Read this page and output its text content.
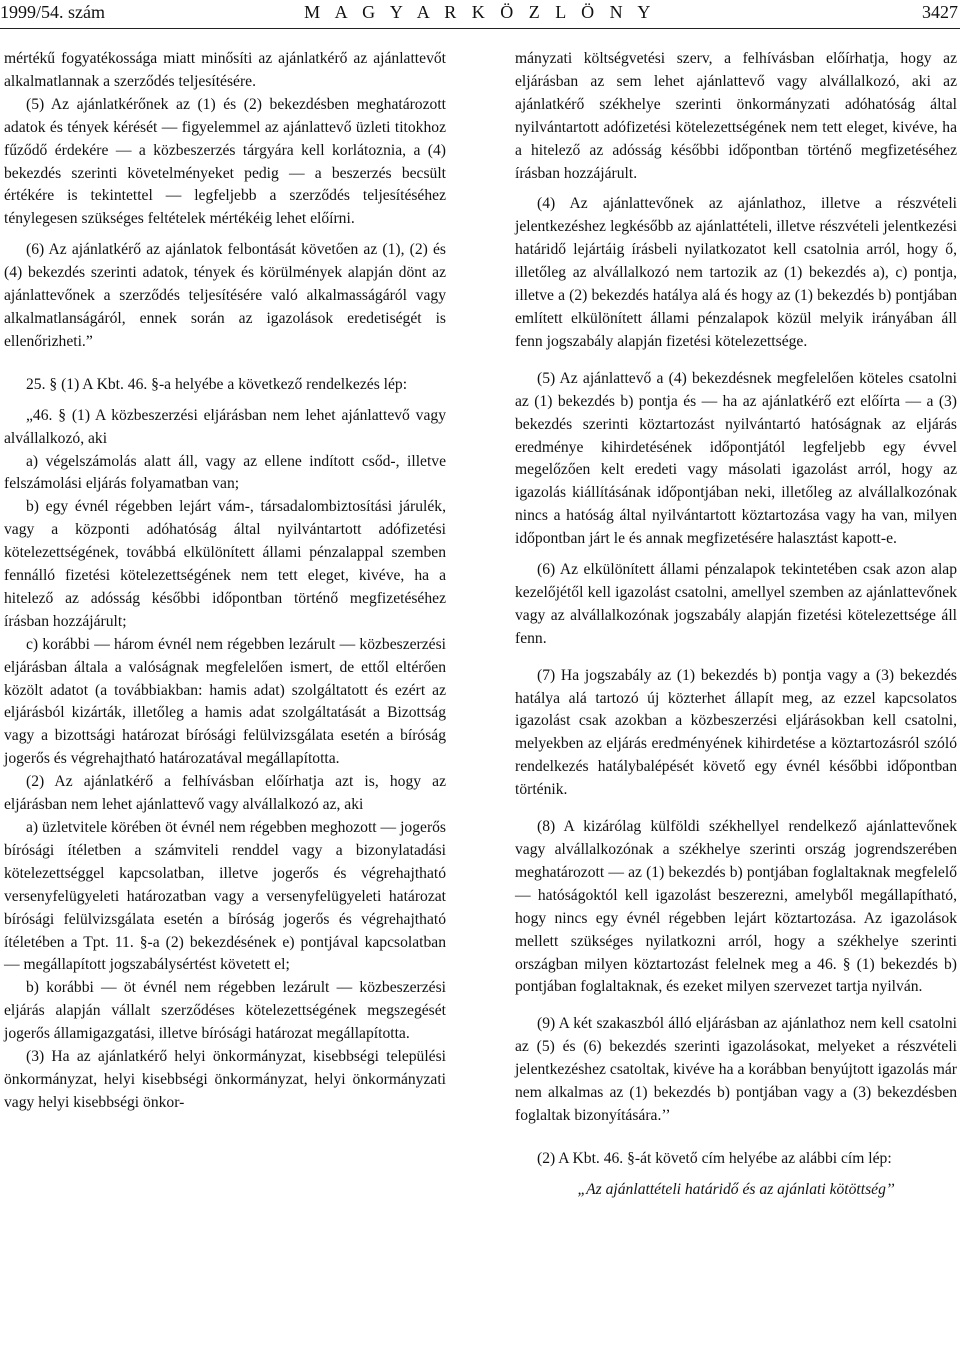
1999/54. szám	M A G Y A R K Ö Z L Ö N Y	3427

mértékű fogyatékossága miatt minősíti az ajánlatkérő az ajánlattevőt alkalmatlannak a szerződés teljesítésére.

(5) Az ajánlatkérőnek az (1) és (2) bekezdésben meghatározott adatok és tények kérését — figyelemmel az ajánlattevő üzleti titokhoz fűződő érdekére — a közbeszerzés tárgyára kell korlátoznia, a (4) bekezdés szerinti követelményeket pedig — a beszerzés becsült értékére is tekintettel — legfeljebb a szerződés teljesítéséhez ténylegesen szükséges feltételek mértékéig lehet előírni.

(6) Az ajánlatkérő az ajánlatok felbontását követően az (1), (2) és (4) bekezdés szerinti adatok, tények és körülmények alapján dönt az ajánlattevőnek a szerződés teljesítésére való alkalmasságáról vagy alkalmatlanságáról, ennek során az igazolások eredetiségét is ellenőrizheti.”

25. § (1) A Kbt. 46. §-a helyébe a következő rendelkezés lép:

„46. § (1) A közbeszerzési eljárásban nem lehet ajánlattevő vagy alvállalkozó, aki

a) végelszámolás alatt áll, vagy az ellene indított csőd-, illetve felszámolási eljárás folyamatban van;

b) egy évnél régebben lejárt vám-, társadalombiztosítási járulék, vagy a központi adóhatóság által nyilvántartott adófizetési kötelezettségének, továbbá elkülönített állami pénzalappal szemben fennálló fizetési kötelezettségének nem tett eleget, kivéve, ha a hitelező az adósság későbbi időpontban történő megfizetéséhez írásban hozzájárult;

c) korábbi — három évnél nem régebben lezárult — közbeszerzési eljárásban általa a valóságnak megfelelően ismert, de ettől eltérően közölt adatot (a továbbiakban: hamis adat) szolgáltatott és ezért az eljárásból kizárták, illetőleg a hamis adat szolgáltatását a Bizottság vagy a bizottsági határozat bírósági felülvizsgálata esetén a bíróság jogerős és végrehajtható határozatával megállapította.

(2) Az ajánlatkérő a felhívásban előírhatja azt is, hogy az eljárásban nem lehet ajánlattevő vagy alvállalkozó az, aki

a) üzletvitele körében öt évnél nem régebben meghozott — jogerős bírósági ítéletben a számviteli renddel vagy a bizonylatadási kötelezettséggel kapcsolatban, illetve jogerős és végrehajtható versenyfelügyeleti határozatban vagy a versenyfelügyeleti határozat bírósági felülvizsgálata esetén a bíróság jogerős és végrehajtható ítéletében a Tpt. 11. §-a (2) bekezdésének e) pontjával kapcsolatban — megállapított jogszabálysértést követett el;

b) korábbi — öt évnél nem régebben lezárult — közbeszerzési eljárás alapján vállalt szerződéses kötelezettségének megszegését jogerős államigazgatási, illetve bírósági határozat megállapította.

(3) Ha az ajánlatkérő helyi önkormányzat, kisebbségi települési önkormányzat, helyi kisebbségi önkormányzat, helyi önkormányzati vagy helyi kisebbségi önkor-

mányzati költségvetési szerv, a felhívásban előírhatja, hogy az eljárásban az sem lehet ajánlattevő vagy alvállalkozó, aki az ajánlatkérő székhelye szerinti önkormányzati adóhatóság által nyilvántartott adófizetési kötelezettségének nem tett eleget, kivéve, ha a hitelező az adósság későbbi időpontban történő megfizetéséhez írásban hozzájárult.

(4) Az ajánlattevőnek az ajánlathoz, illetve a részvételi jelentkezéshez legkésőbb az ajánlattételi, illetve részvételi jelentkezési határidő lejártáig írásbeli nyilatkozatot kell csatolnia arról, hogy ő, illetőleg az alvállalkozó nem tartozik az (1) bekezdés a), c) pontja, illetve a (2) bekezdés hatálya alá és hogy az (1) bekezdés b) pontjában említett elkülönített állami pénzalapok közül melyik irányában áll fenn jogszabály alapján fizetési kötelezettsége.

(5) Az ajánlattevő a (4) bekezdésnek megfelelően köteles csatolni az (1) bekezdés b) pontja és — ha az ajánlatkérő ezt előírta — a (3) bekezdés szerinti köztartozást nyilvántartó hatóságnak az eljárás eredménye kihirdetésének időpontjától legfeljebb egy évvel megelőzően kelt eredeti vagy másolati igazolást arról, hogy az igazolás kiállításának időpontjában neki, illetőleg az alvállalkozónak nincs a hatóság által nyilvántartott köztartozása vagy ha van, milyen időpontban járt le és annak megfizetésére halasztást kapott-e.

(6) Az elkülönített állami pénzalapok tekintetében csak azon alap kezelőjétől kell igazolást csatolni, amellyel szemben az ajánlattevőnek vagy az alvállalkozónak jogszabály alapján fizetési kötelezettsége áll fenn.

(7) Ha jogszabály az (1) bekezdés b) pontja vagy a (3) bekezdés hatálya alá tartozó új közterhet állapít meg, az ezzel kapcsolatos igazolást csak azokban a közbeszerzési eljárásokban kell csatolni, melyekben az eljárás eredményének kihirdetése a köztartozásról szóló rendelkezés hatálybalépését követő egy évnél későbbi időpontban történik.

(8) A kizárólag külföldi székhellyel rendelkező ajánlattevőnek vagy alvállalkozónak a székhelye szerinti ország jogrendszerében meghatározott — az (1) bekezdés b) pontjában foglaltaknak megfelelő — hatóságoktól kell igazolást beszerezni, amelyből megállapítható, hogy nincs egy évnél régebben lejárt köztartozása. Az igazolások mellett szükséges nyilatkozni arról, hogy a székhelye szerinti országban milyen köztartozást felelnek meg a 46. § (1) bekezdés b) pontjában foglaltaknak, és ezeket milyen szervezet tartja nyilván.

(9) A két szakaszból álló eljárásban az ajánlathoz nem kell csatolni az (5) és (6) bekezdés szerinti igazolásokat, melyeket a részvételi jelentkezéshez csatoltak, kivéve ha a korábban benyújtott igazolás már nem alkalmas az (1) bekezdés b) pontjában vagy a (3) bekezdésben foglaltak bizonyítására.’’

(2) A Kbt. 46. §-át követő cím helyébe az alábbi cím lép:

„Az ajánlattételi határidő és az ajánlati kötöttség’’
